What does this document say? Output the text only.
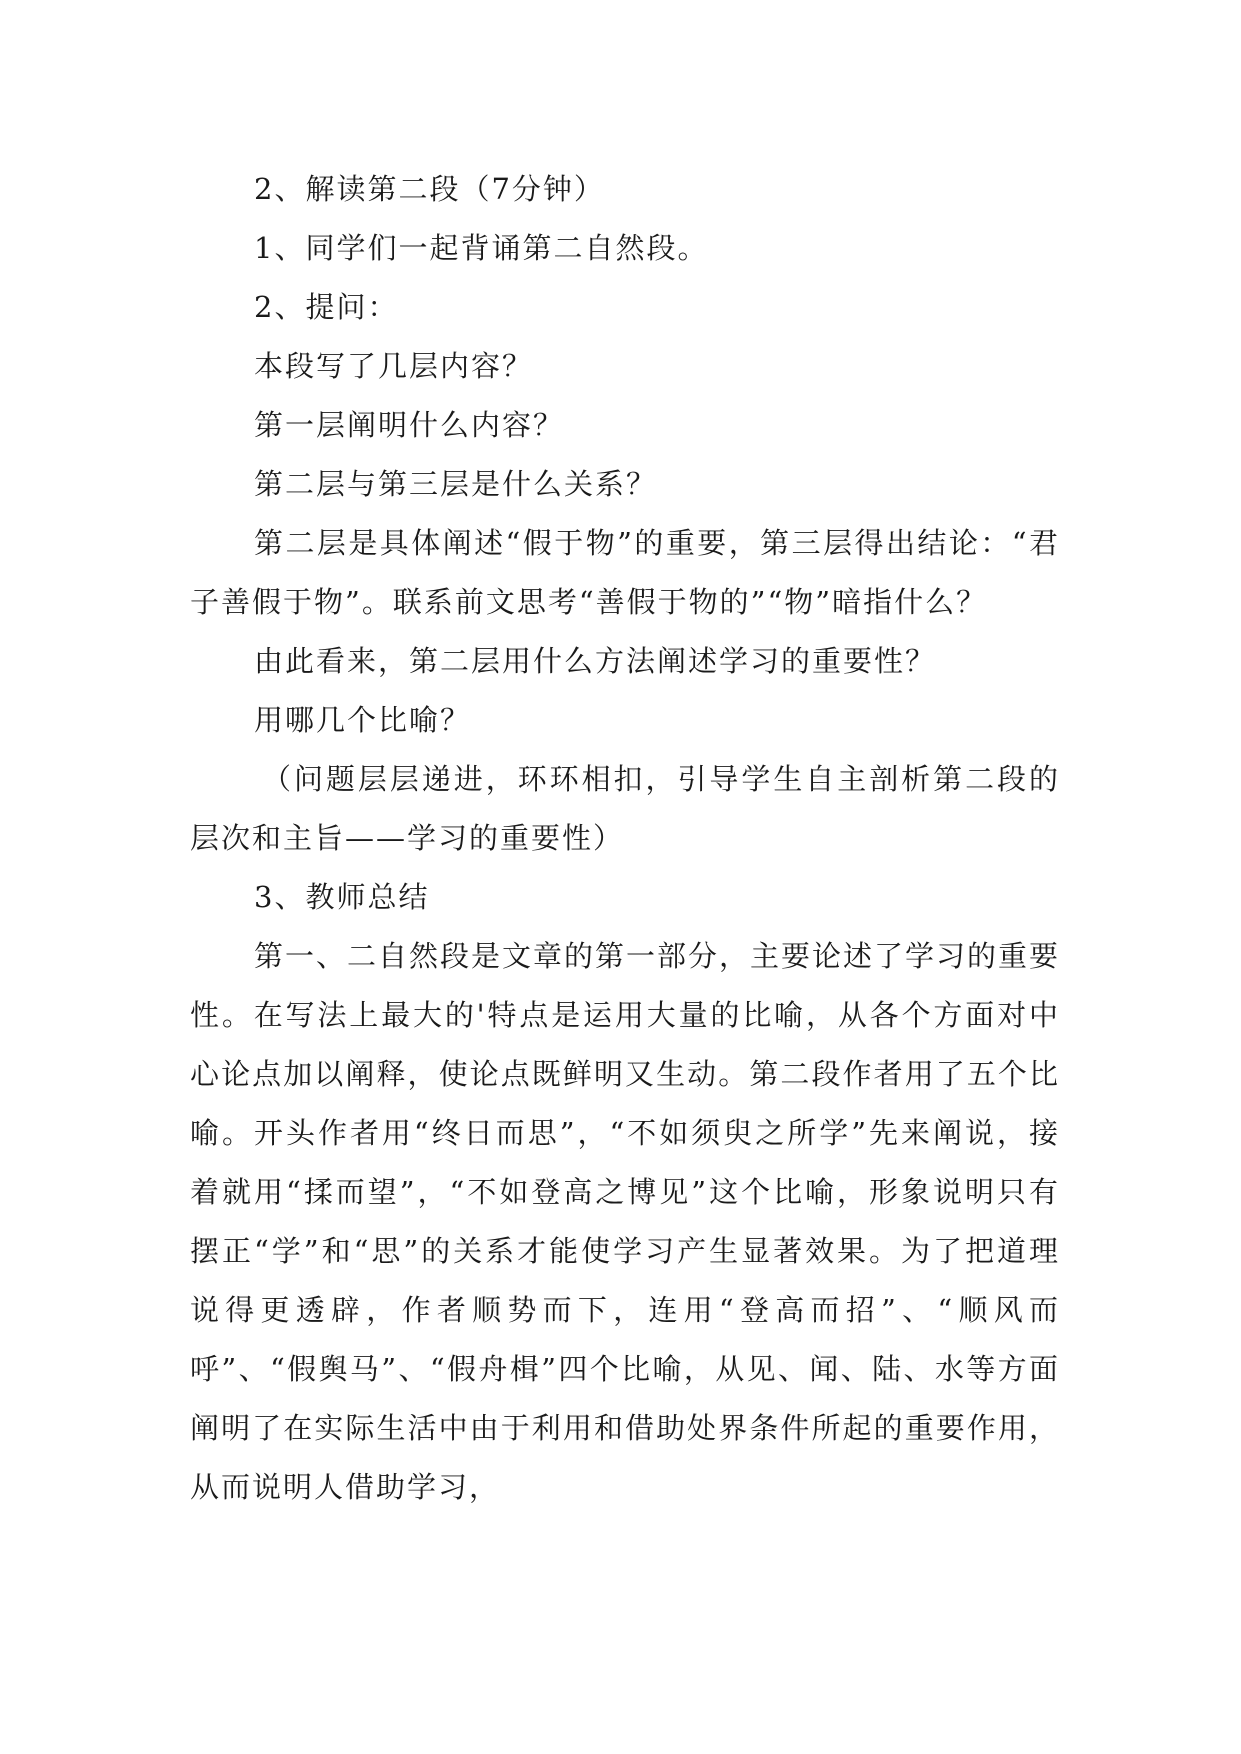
2、解读第二段（7分钟）

1、同学们一起背诵第二自然段。

2、提问：

本段写了几层内容？

第一层阐明什么内容？

第二层与第三层是什么关系？

第二层是具体阐述“假于物”的重要，第三层得出结论：“君子善假于物”。联系前文思考“善假于物的”“物”暗指什么？

由此看来，第二层用什么方法阐述学习的重要性？

用哪几个比喻？

（问题层层递进，环环相扣，引导学生自主剖析第二段的层次和主旨——学习的重要性）

3、教师总结

第一、二自然段是文章的第一部分，主要论述了学习的重要性。在写法上最大的'特点是运用大量的比喻，从各个方面对中心论点加以阐释，使论点既鲜明又生动。第二段作者用了五个比喻。开头作者用“终日而思”，“不如须臾之所学”先来阐说，接着就用“揉而望”，“不如登高之博见”这个比喻，形象说明只有摆正“学”和“思”的关系才能使学习产生显著效果。为了把道理说得更透辟，作者顺势而下，连用“登高而招”、“顺风而呼”、“假舆马”、“假舟楫”四个比喻，从见、闻、陆、水等方面阐明了在实际生活中由于利用和借助处界条件所起的重要作用，从而说明人借助学习，
